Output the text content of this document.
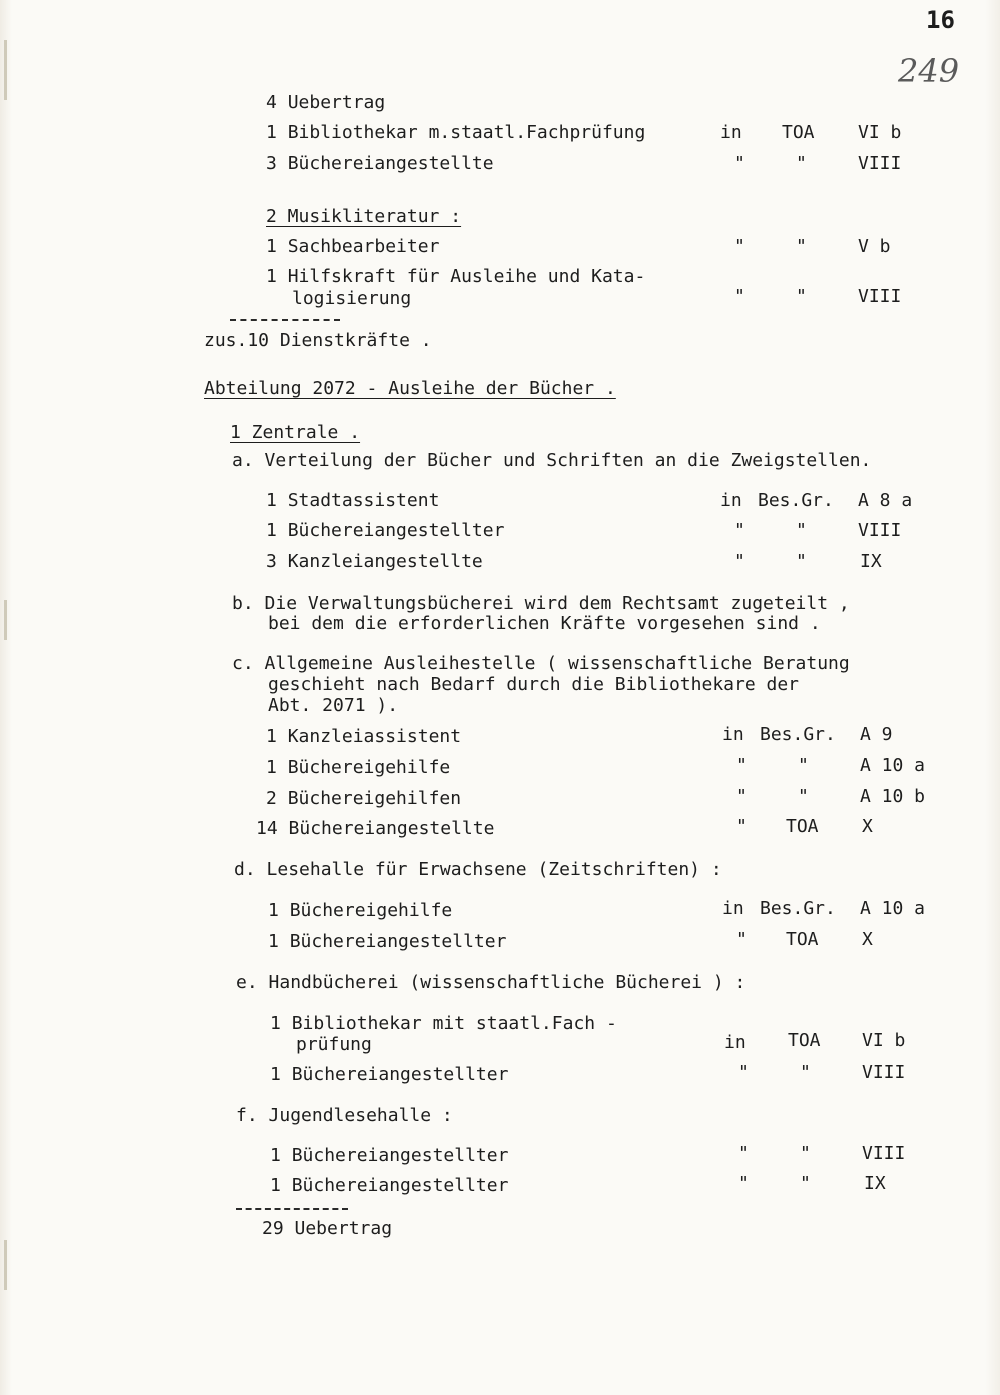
16
249
4 Uebertrag
1 Bibliothekar m.staatl.Fachprüfung	in TOA VI b
3 Büchereiangestellte	"	"	VIII
2 Musikliteratur :
1 Sachbearbeiter	"	"	V b
1 Hilfskraft für Ausleihe und Kata-
logisierung	"	"	VIII
zus.10 Dienstkräfte .
Abteilung 2072 - Ausleihe der Bücher .
1 Zentrale .
a. Verteilung der Bücher und Schriften an die Zweigstellen.
1 Stadtassistent	in Bes.Gr. A 8 a
1 Büchereiangestellter	"	"	VIII
3 Kanzleiangestellte	"	"	IX
b. Die Verwaltungsbücherei wird dem Rechtsamt zugeteilt ,
bei dem die erforderlichen Kräfte vorgesehen sind .
c. Allgemeine Ausleihestelle ( wissenschaftliche Beratung
geschieht nach Bedarf durch die Bibliothekare der
Abt. 2071 ).
1 Kanzleiassistent	in Bes.Gr. A 9
1 Büchereigehilfe	"	"	A 10 a
2 Büchereigehilfen	"	"	A 10 b
14 Büchereiangestellte	" TOA X
d. Lesehalle für Erwachsene (Zeitschriften) :
1 Büchereigehilfe	in Bes.Gr. A 10 a
1 Büchereiangestellter	" TOA X
e. Handbücherei (wissenschaftliche Bücherei ) :
1 Bibliothekar mit staatl.Fach -
prüfung	in TOA VI b
1 Büchereiangestellter	"	"	VIII
f. Jugendlesehalle :
1 Büchereiangestellter	"	"	VIII
1 Büchereiangestellter	"	"	IX
29 Uebertrag
